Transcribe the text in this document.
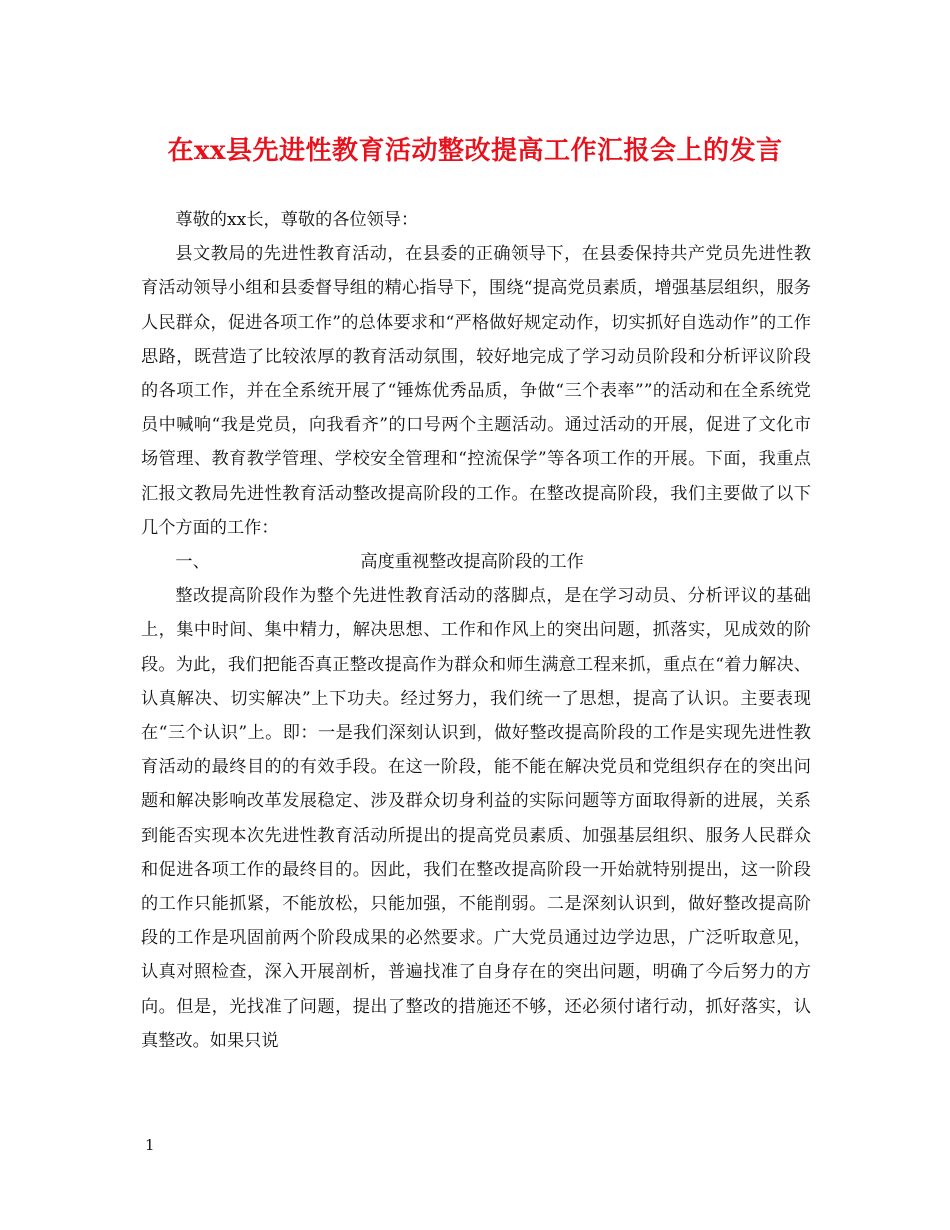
在xx县先进性教育活动整改提高工作汇报会上的发言

尊敬的xx长，尊敬的各位领导：

县文教局的先进性教育活动，在县委的正确领导下，在县委保持共产党员先进性教育活动领导小组和县委督导组的精心指导下，围绕“提高党员素质，增强基层组织，服务人民群众，促进各项工作”的总体要求和“严格做好规定动作，切实抓好自选动作”的工作思路，既营造了比较浓厚的教育活动氛围，较好地完成了学习动员阶段和分析评议阶段的各项工作，并在全系统开展了“锤炼优秀品质，争做“三个表率””的活动和在全系统党员中喊响“我是党员，向我看齐”的口号两个主题活动。通过活动的开展，促进了文化市场管理、教育教学管理、学校安全管理和“控流保学”等各项工作的开展。下面，我重点汇报文教局先进性教育活动整改提高阶段的工作。在整改提高阶段，我们主要做了以下几个方面的工作：

一、	高度重视整改提高阶段的工作

整改提高阶段作为整个先进性教育活动的落脚点，是在学习动员、分析评议的基础上，集中时间、集中精力，解决思想、工作和作风上的突出问题，抓落实，见成效的阶段。为此，我们把能否真正整改提高作为群众和师生满意工程来抓，重点在“着力解决、认真解决、切实解决”上下功夫。经过努力，我们统一了思想，提高了认识。主要表现在“三个认识”上。即：一是我们深刻认识到，做好整改提高阶段的工作是实现先进性教育活动的最终目的的有效手段。在这一阶段，能不能在解决党员和党组织存在的突出问题和解决影响改革发展稳定、涉及群众切身利益的实际问题等方面取得新的进展，关系到能否实现本次先进性教育活动所提出的提高党员素质、加强基层组织、服务人民群众和促进各项工作的最终目的。因此，我们在整改提高阶段一开始就特别提出，这一阶段的工作只能抓紧，不能放松，只能加强，不能削弱。二是深刻认识到，做好整改提高阶段的工作是巩固前两个阶段成果的必然要求。广大党员通过边学边思，广泛听取意见，认真对照检查，深入开展剖析，普遍找准了自身存在的突出问题，明确了今后努力的方向。但是，光找准了问题，提出了整改的措施还不够，还必须付诸行动，抓好落实，认真整改。如果只说

1
